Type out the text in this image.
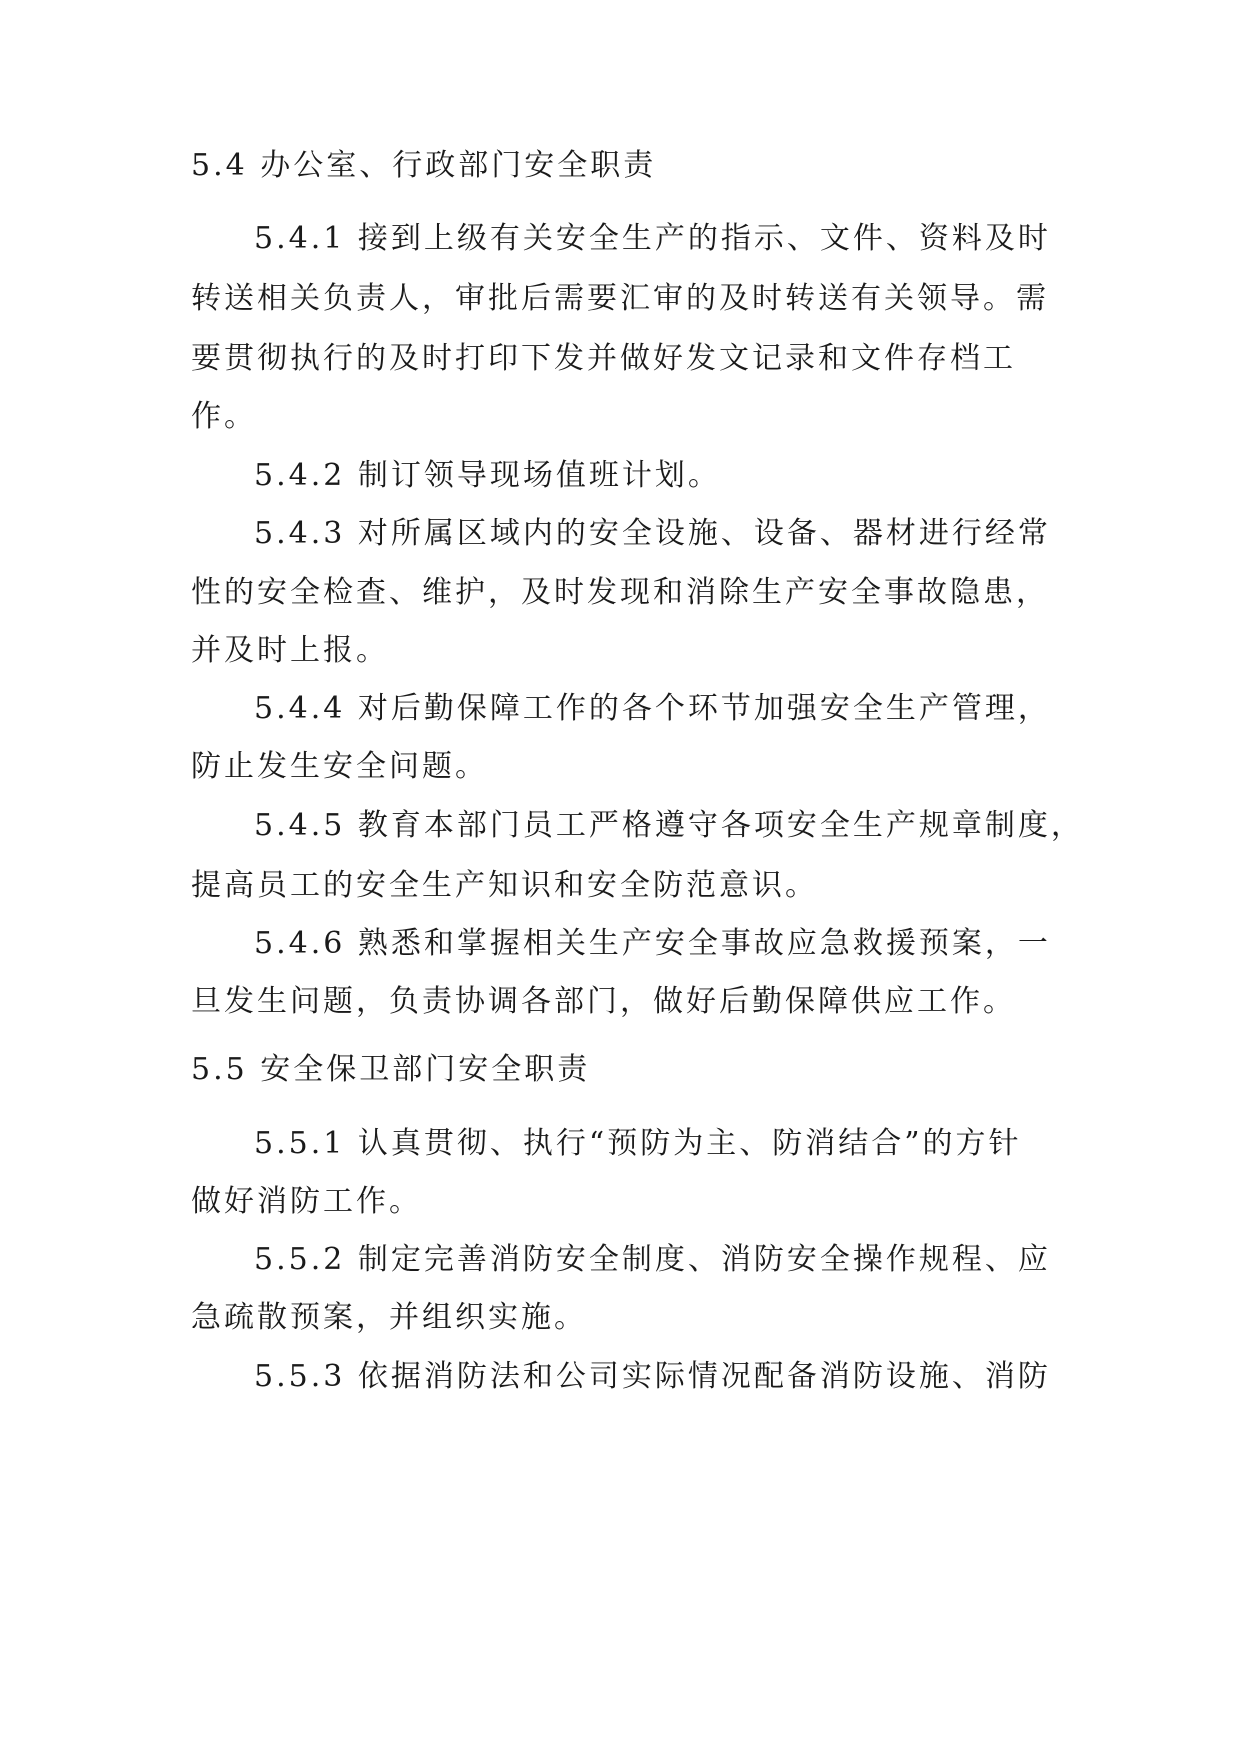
5.4 办公室、行政部门安全职责
5.4.1 接到上级有关安全生产的指示、文件、资料及时
转送相关负责人，审批后需要汇审的及时转送有关领导。需
要贯彻执行的及时打印下发并做好发文记录和文件存档工
作。
5.4.2 制订领导现场值班计划。
5.4.3 对所属区域内的安全设施、设备、器材进行经常
性的安全检查、维护，及时发现和消除生产安全事故隐患，
并及时上报。
5.4.4 对后勤保障工作的各个环节加强安全生产管理，
防止发生安全问题。
5.4.5 教育本部门员工严格遵守各项安全生产规章制度，
提高员工的安全生产知识和安全防范意识。
5.4.6 熟悉和掌握相关生产安全事故应急救援预案，一
旦发生问题，负责协调各部门，做好后勤保障供应工作。
5.5 安全保卫部门安全职责
5.5.1 认真贯彻、执行“预防为主、防消结合”的方针
做好消防工作。
5.5.2 制定完善消防安全制度、消防安全操作规程、应
急疏散预案，并组织实施。
5.5.3 依据消防法和公司实际情况配备消防设施、消防
